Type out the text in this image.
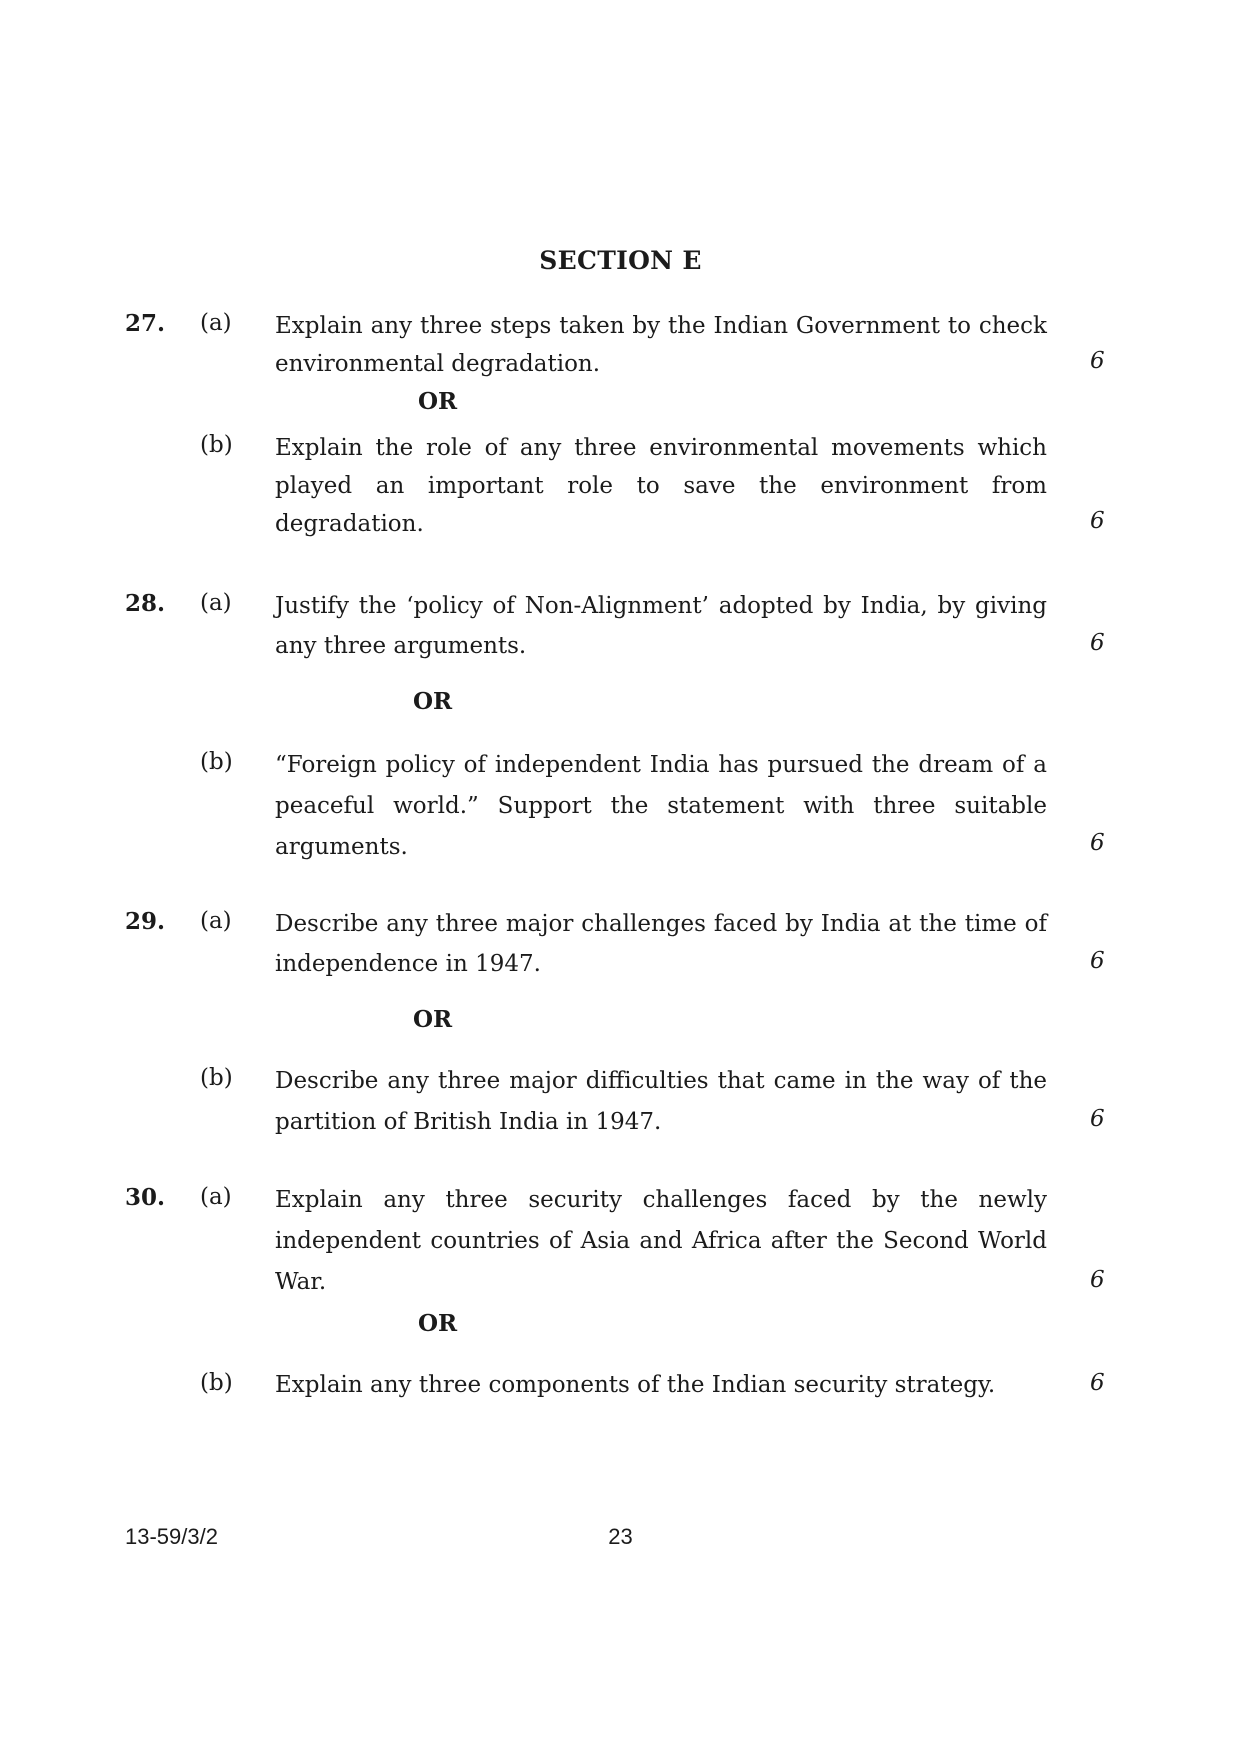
SECTION E
27. (a) Explain any three steps taken by the Indian Government to check
environmental degradation.	6
OR
(b) Explain the role of any three environmental movements which
played an important role to save the environment from
degradation.	6
28. (a) Justify the ‘policy of Non-Alignment’ adopted by India, by giving
any three arguments.	6
OR
(b) “Foreign policy of independent India has pursued the dream of a
peaceful world.” Support the statement with three suitable
arguments.	6
29. (a) Describe any three major challenges faced by India at the time of
independence in 1947.	6
OR
(b) Describe any three major difficulties that came in the way of the
partition of British India in 1947.	6
30. (a) Explain any three security challenges faced by the newly
independent countries of Asia and Africa after the Second World
War.	6
OR
(b) Explain any three components of the Indian security strategy.	6
13-59/3/2	23
